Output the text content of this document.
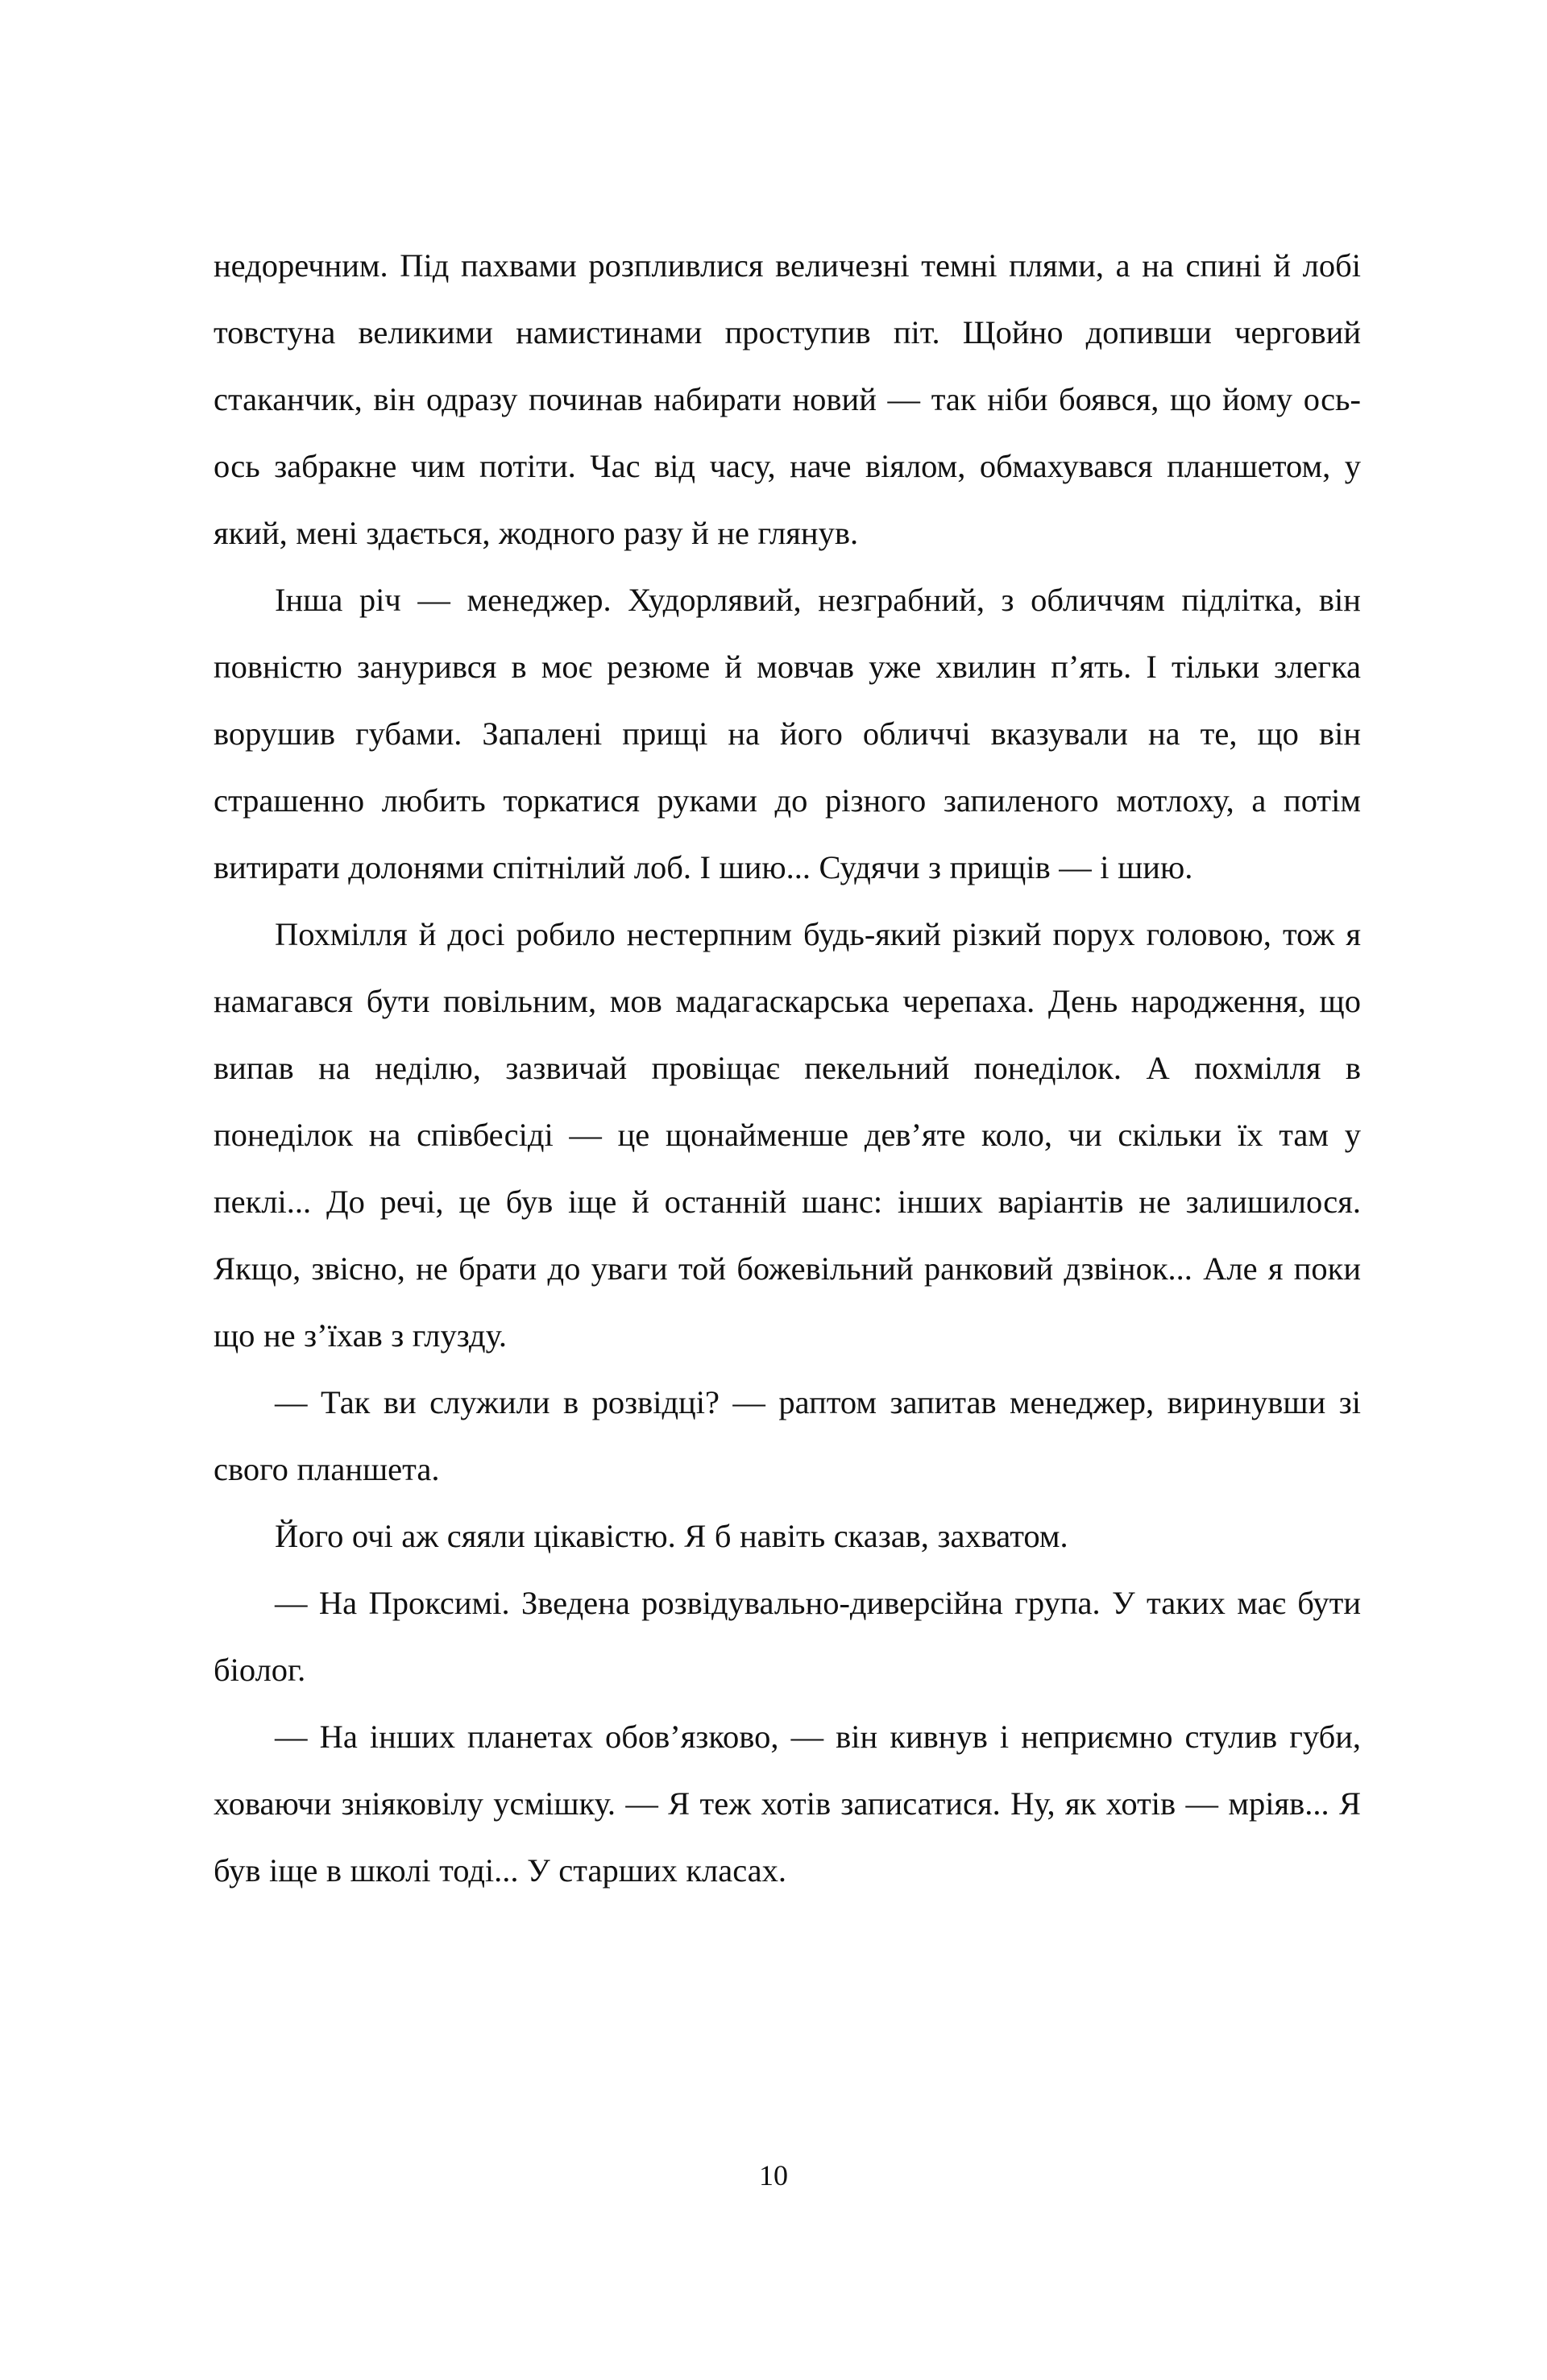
недоречним. Під пахвами розпливлися величезні темні плями, а на спині й лобі товстуна великими намистинами проступив піт. Щойно допивши черговий стаканчик, він одразу починав набирати новий — так ніби боявся, що йому ось-ось забракне чим потіти. Час від часу, наче віялом, обмахувався планшетом, у який, мені здається, жодного разу й не глянув.

Інша річ — менеджер. Худорлявий, незграбний, з обличчям підлітка, він повністю занурився в моє резюме й мовчав уже хвилин п’ять. І тільки злегка ворушив губами. Запалені прищі на його обличчі вказували на те, що він страшенно любить торкатися руками до різного запиленого мотлоху, а потім витирати долонями спітнілий лоб. І шию... Судячи з прищів — і шию.

Похмілля й досі робило нестерпним будь-який різкий порух головою, тож я намагався бути повільним, мов мадагаскарська черепаха. День народження, що випав на неділю, зазвичай провіщає пекельний понеділок. А похмілля в понеділок на співбесіді — це щонайменше дев’яте коло, чи скільки їх там у пеклі... До речі, це був іще й останній шанс: інших варіантів не залишилося. Якщо, звісно, не брати до уваги той божевільний ранковий дзвінок... Але я поки що не з’їхав з глузду.

— Так ви служили в розвідці? — раптом запитав менеджер, виринувши зі свого планшета.

Його очі аж сяяли цікавістю. Я б навіть сказав, захватом.

— На Проксимі. Зведена розвідувально-диверсійна група. У таких має бути біолог.

— На інших планетах обов’язково, — він кивнув і неприємно стулив губи, ховаючи зніяковілу усмішку. — Я теж хотів записатися. Ну, як хотів — мріяв... Я був іще в школі тоді... У старших класах.

10
